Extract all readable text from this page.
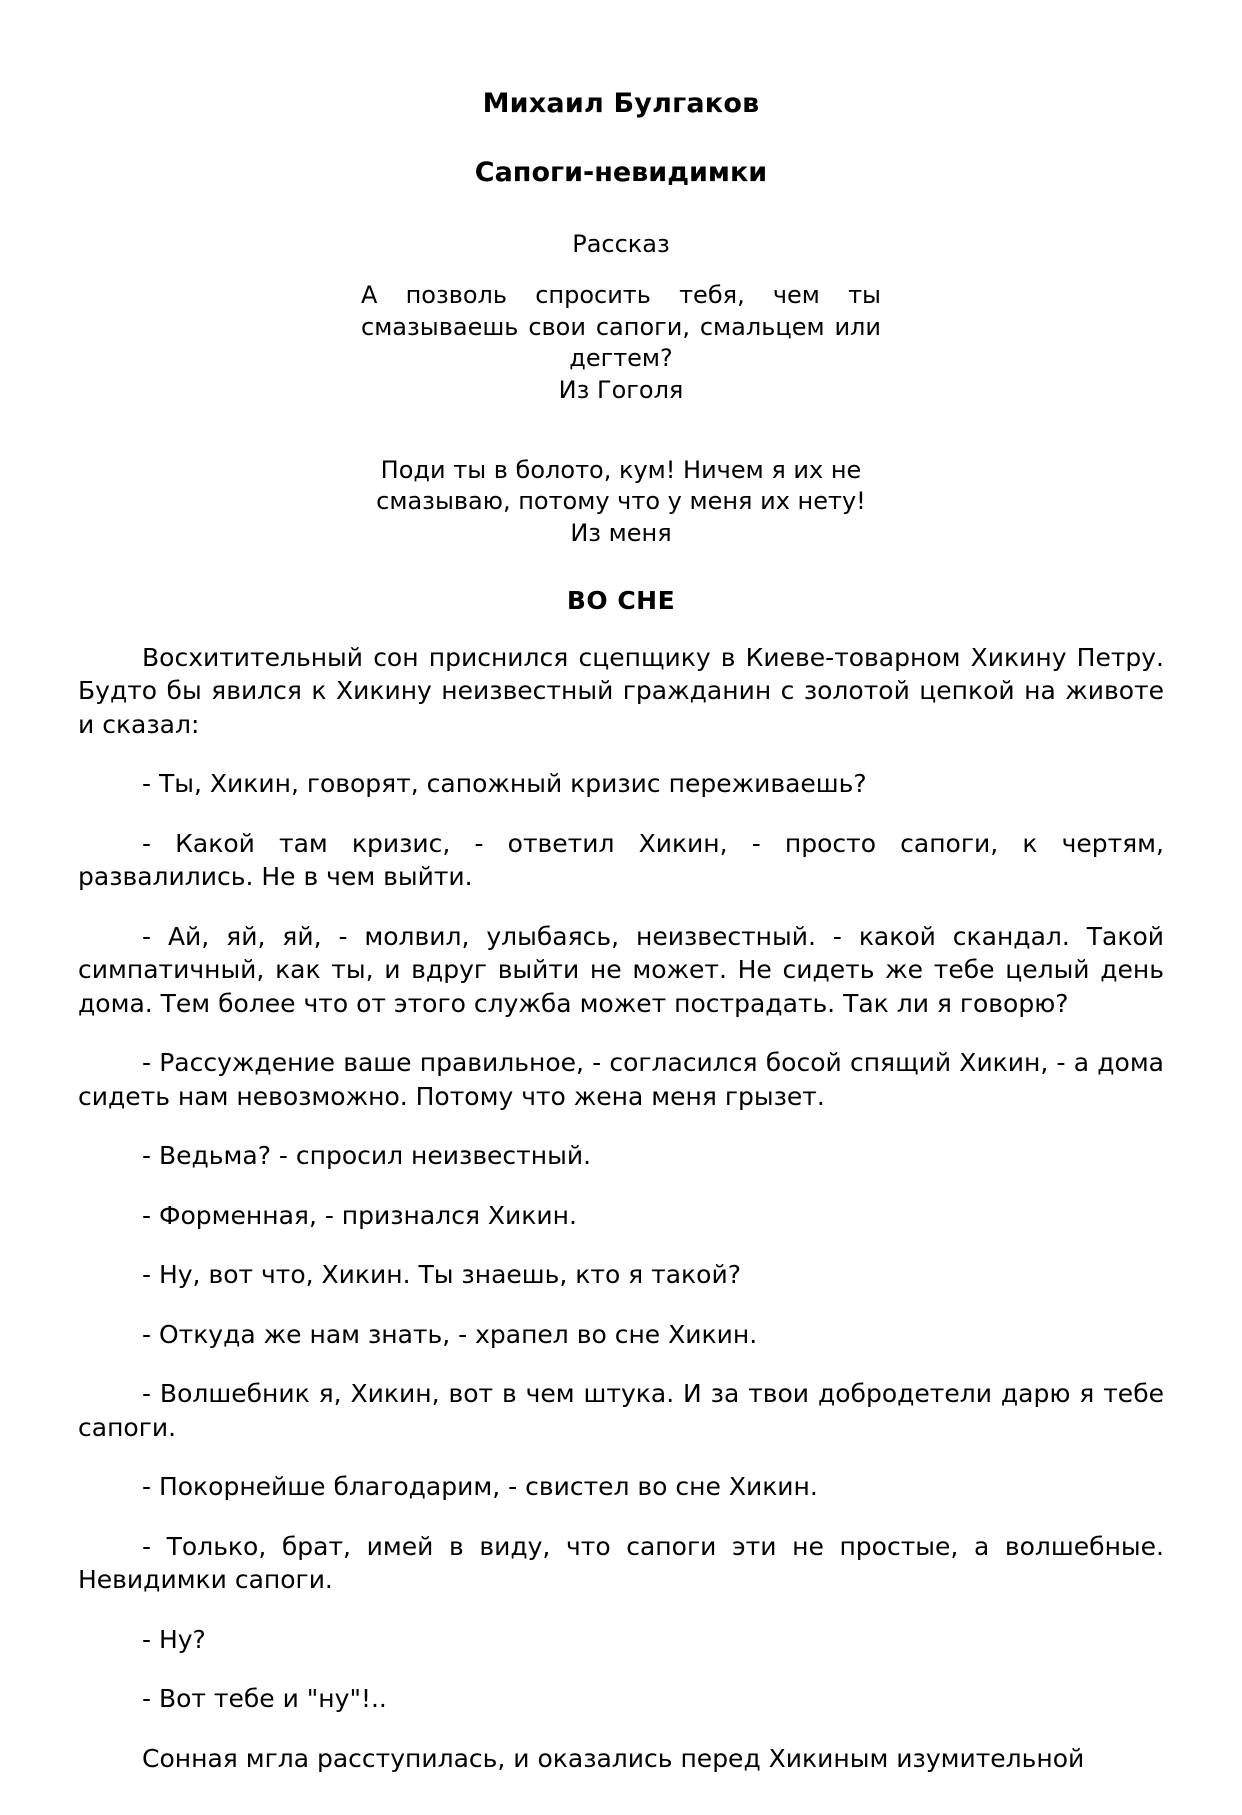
Михаил Булгаков
Сапоги-невидимки
Рассказ
А позволь спросить тебя, чем ты смазываешь свои сапоги, смальцем или дегтем?
Из Гоголя
Поди ты в болото, кум! Ничем я их не смазываю, потому что у меня их нету! Из меня
ВО СНЕ

Восхитительный сон приснился сцепщику в Киеве-товарном Хикину Петру. Будто бы явился к Хикину неизвестный гражданин с золотой цепкой на животе и сказал:

- Ты, Хикин, говорят, сапожный кризис переживаешь?

- Какой там кризис, - ответил Хикин, - просто сапоги, к чертям, развалились. Не в чем выйти.

- Ай, яй, яй, - молвил, улыбаясь, неизвестный. - какой скандал. Такой симпатичный, как ты, и вдруг выйти не может. Не сидеть же тебе целый день дома. Тем более что от этого служба может пострадать. Так ли я говорю?

- Рассуждение ваше правильное, - согласился босой спящий Хикин, - а дома сидеть нам невозможно. Потому что жена меня грызет.

- Ведьма? - спросил неизвестный.

- Форменная, - признался Хикин.

- Ну, вот что, Хикин. Ты знаешь, кто я такой?

- Откуда же нам знать, - храпел во сне Хикин.

- Волшебник я, Хикин, вот в чем штука. И за твои добродетели дарю я тебе сапоги.

- Покорнейше благодарим, - свистел во сне Хикин.

- Только, брат, имей в виду, что сапоги эти не простые, а волшебные. Невидимки сапоги.

- Ну?

- Вот тебе и "ну"!..

Сонная мгла расступилась, и оказались перед Хикиным изумительной
